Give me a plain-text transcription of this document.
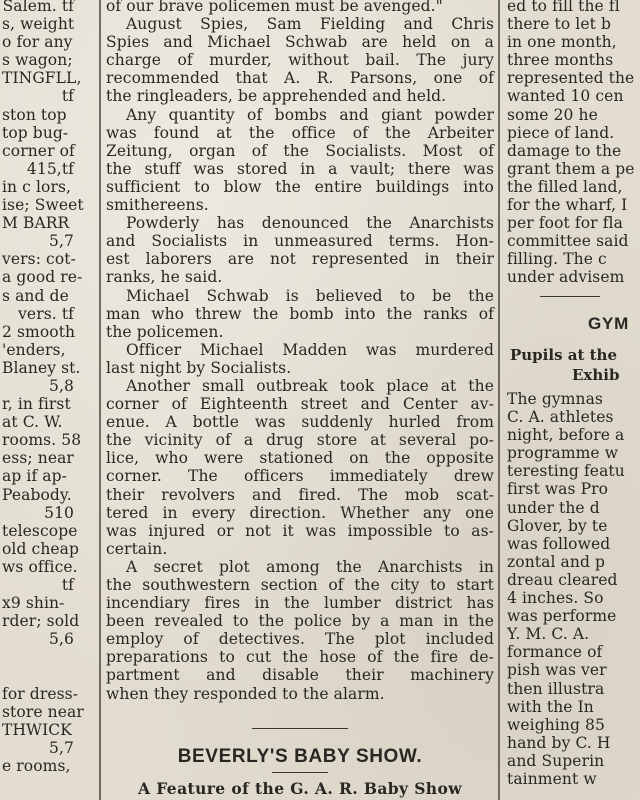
Salem. tf
s, weight
o for any
s wagon;
TINGFLL,
tf
ston top
top bug-
corner of
415,tf
in c lors,
ise; Sweet
M BARR
5,7
vers: cot-
a good re-
s and de
vers. tf
2 smooth
'enders,
Blaney st.
5,8
r, in first
at C. W.
rooms. 58
ess; near
ap if ap-
Peabody.
510
telescope
old cheap
ws office.
tf
x9 shin-
rder; sold
5,6
for dress-
store near
THWICK
5,7
e rooms,
of our brave policemen must be avenged."
August Spies, Sam Fielding and Chris
Spies and Michael Schwab are held on a
charge of murder, without bail. The jury
recommended that A. R. Parsons, one of
the ringleaders, be apprehended and held.
Any quantity of bombs and giant powder
was found at the office of the Arbeiter
Zeitung, organ of the Socialists. Most of
the stuff was stored in a vault; there was
sufficient to blow the entire buildings into
smithereens.
Powderly has denounced the Anarchists
and Socialists in unmeasured terms. Hon-
est laborers are not represented in their
ranks, he said.
Michael Schwab is believed to be the
man who threw the bomb into the ranks of
the policemen.
Officer Michael Madden was murdered
last night by Socialists.
Another small outbreak took place at the
corner of Eighteenth street and Center av-
enue. A bottle was suddenly hurled from
the vicinity of a drug store at several po-
lice, who were stationed on the opposite
corner. The officers immediately drew
their revolvers and fired. The mob scat-
tered in every direction. Whether any one
was injured or not it was impossible to as-
certain.
A secret plot among the Anarchists in
the southwestern section of the city to start
incendiary fires in the lumber district has
been revealed to the police by a man in the
employ of detectives. The plot included
preparations to cut the hose of the fire de-
partment and disable their machinery
when they responded to the alarm.
BEVERLY'S BABY SHOW.
A Feature of the G. A. R. Baby Show
ed to fill the fl
there to let b
in one month,
three months
represented the
wanted 10 cen
some 20 he
piece of land.
damage to the
grant them a pe
the filled land,
for the wharf, I
per foot for fla
committee said
filling. The c
under advisem
The gymnas
C. A. athletes
night, before a
programme w
teresting featu
first was Pro
under the d
Glover, by te
was followed
zontal and p
dreau cleared
4 inches. So
was performe
Y. M. C. A.
formance of
pish was ver
then illustra
with the In
weighing 85
hand by C. H
and Superin
tainment w
GYM
Pupils at the
Exhib
